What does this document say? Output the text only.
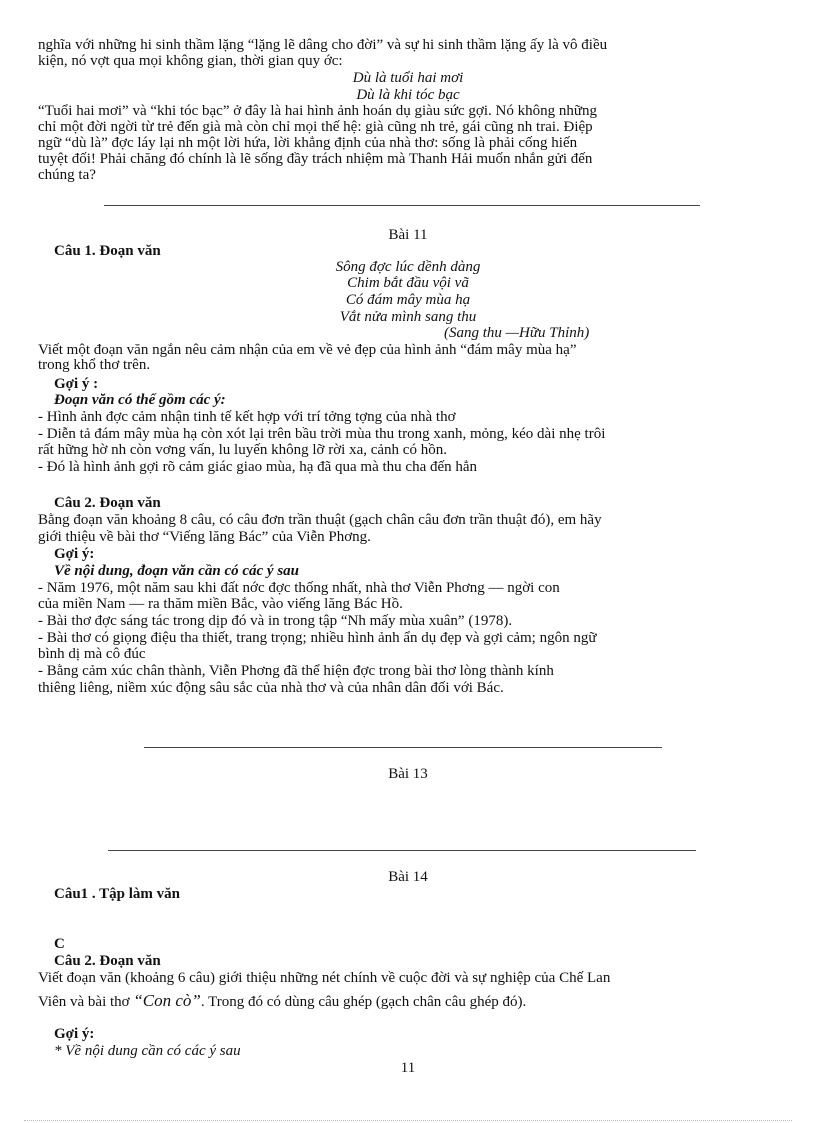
nghĩa với những hi sinh thầm lặng “lặng lẽ dâng cho đời” và sự hi sinh thầm lặng ấy là vô điều

kiện, nó vợt qua mọi không gian, thời gian quy ớc:

Dù là tuổi hai mơi

Dù là khi tóc bạc

“Tuổi hai mơi” và “khi tóc bạc” ở đây là hai hình ảnh hoán dụ giàu sức gợi. Nó không những

chỉ một đời ngời từ trẻ đến già mà còn chỉ mọi thế hệ: già cũng nh trẻ, gái cũng nh trai. Điệp

ngữ “dù là” đợc láy lại nh một lời hứa, lời khẳng định của nhà thơ: sống là phải cống hiến

tuyệt đối! Phải chăng đó chính là lẽ sống đầy trách nhiệm mà Thanh Hải muốn nhắn gửi đến

chúng ta?

Bài 11

Câu 1. Đoạn văn

Sông đợc lúc dềnh dàng

Chim bắt đầu vội vã

Có đám mây mùa hạ

Vắt nửa mình sang thu

(Sang thu —Hữu Thỉnh)

Viết một đoạn văn ngắn nêu cảm nhận của em về vẻ đẹp của hình ảnh “đám mây mùa hạ”

trong khổ thơ trên.

Gợi ý :

Đoạn văn có thể gồm các ý:

- Hình ảnh đợc cảm nhận tinh tế kết hợp với trí tởng tợng của nhà thơ

- Diễn tả đám mây mùa hạ còn xót lại trên bầu trời mùa thu trong xanh, mỏng, kéo dài nhẹ trôi

rất hững hờ nh còn vơng vấn, lu luyến không lỡ rời xa, cảnh có hồn.

- Đó là hình ảnh gợi rõ cảm giác giao mùa, hạ đã qua mà thu cha đến hẳn

Câu 2. Đoạn văn

Bằng đoạn văn khoảng 8 câu, có câu đơn trần thuật (gạch chân câu đơn trần thuật đó), em hãy

giới thiệu về bài thơ “Viếng lăng Bác” của Viễn Phơng.

Gợi ý:

Về nội dung, đoạn văn cần có các ý sau

- Năm 1976, một năm sau khi đất nớc đợc thống nhất, nhà thơ Viễn Phơng — ngời con

của miền Nam — ra thăm miền Bắc, vào viếng lăng Bác Hồ.

- Bài thơ đợc sáng tác trong dịp đó và in trong tập “Nh mấy mùa xuân” (1978).

- Bài thơ có giọng điệu tha thiết, trang trọng; nhiều hình ảnh ẩn dụ đẹp và gợi cảm; ngôn ngữ

bình dị mà cô đúc

- Bằng cảm xúc chân thành, Viễn Phơng đã thể hiện đợc trong bài thơ lòng thành kính

thiêng liêng, niềm xúc động sâu sắc của nhà thơ và của nhân dân đối với Bác.

Bài 13

Bài 14

Câu1 . Tập làm văn

C

Câu 2. Đoạn văn

Viết đoạn văn (khoảng 6 câu) giới thiệu những nét chính về cuộc đời và sự nghiệp của Chế Lan

Viên và bài thơ “Con cò”. Trong đó có dùng câu ghép (gạch chân câu ghép đó).

Gợi ý:

* Về nội dung cần có các ý sau

11
